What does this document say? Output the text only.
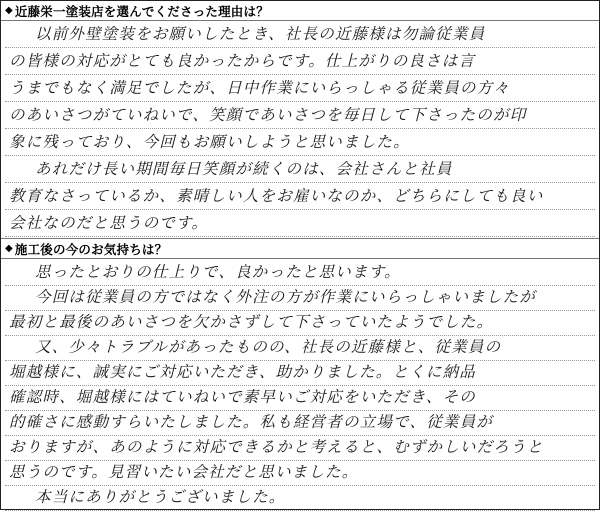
◆ 近藤栄一塗装店を選んでくださった理由は？
以前外壁塗装をお願いしたとき、社長の近藤様は勿論従業員
の皆様の対応がとても良かったからです。仕上がりの良さは言
うまでもなく満足でしたが、日中作業にいらっしゃる従業員の方々
のあいさつがていねいで、笑顔であいさつを毎日して下さったのが印
象に残っており、今回もお願いしようと思いました。
あれだけ長い期間毎日笑顔が続くのは、会社さんと社員
教育なさっているか、素晴しい人をお雇いなのか、どちらにしても良い
会社なのだと思うのです。
◆ 施工後の今のお気持ちは？
思ったとおりの仕上りで、良かったと思います。
今回は従業員の方ではなく外注の方が作業にいらっしゃいましたが
最初と最後のあいさつを欠かさずして下さっていたようでした。
又、少々トラブルがあったものの、社長の近藤様と、従業員の
堀越様に、誠実にご対応いただき、助かりました。とくに納品
確認時、堀越様にはていねいで素早いご対応をいただき、その
的確さに感動すらいたしました。私も経営者の立場で、従業員が
おりますが、あのように対応できるかと考えると、むずかしいだろうと
思うのです。見習いたい会社だと思いました。
本当にありがとうございました。
